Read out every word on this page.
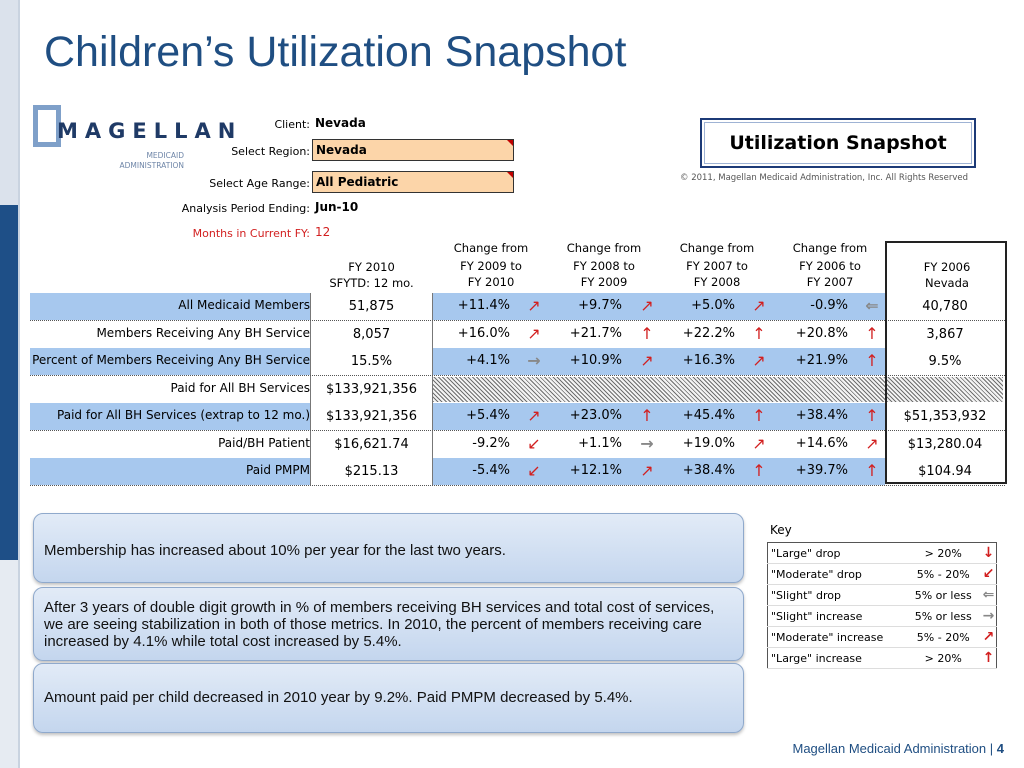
Children’s Utilization Snapshot
MAGELLAN
MEDICAID
ADMINISTRATION
Client: Nevada
Select Region: Nevada
Select Age Range: All Pediatric
Analysis Period Ending: Jun-10
Months in Current FY: 12
Utilization Snapshot
© 2011, Magellan Medicaid Administration, Inc. All Rights Reserved
FY 2010
SFYTD: 12 mo.
Change from
FY 2009 to
FY 2010
Change from
FY 2008 to
FY 2009
Change from
FY 2007 to
FY 2008
Change from
FY 2006 to
FY 2007
FY 2006
Nevada
All Medicaid Members	51,875	+11.4% ↗	+9.7% ↗	+5.0% ↗	-0.9% ⇐	40,780
Members Receiving Any BH Service	8,057	+16.0% ↗ +21.7% ↑ +22.2% ↑ +20.8% ↑	3,867
Percent of Members Receiving Any BH Service	15.5%	+4.1% → +10.9% ↗ +16.3% ↗ +21.9% ↑	9.5%
Paid for All BH Services	$133,921,356
Paid for All BH Services (extrap to 12 mo.)	$133,921,356	+5.4% ↗ +23.0% ↑ +45.4% ↑ +38.4% ↑	$51,353,932
Paid/BH Patient	$16,621.74	-9.2% ↙	+1.1% → +19.0% ↗ +14.6% ↗	$13,280.04
Paid PMPM	$215.13	-5.4% ↙ +12.1% ↗ +38.4% ↑ +39.7% ↑	$104.94
Membership has increased about 10% per year for the last two years.
After 3 years of double digit growth in % of members receiving BH services and total cost of services, we are seeing stabilization in both of those metrics. In 2010, the percent of members receiving care increased by 4.1% while total cost increased by 5.4%.
Amount paid per child decreased in 2010 year by 9.2%. Paid PMPM decreased by 5.4%.
Key
"Large" drop	> 20%	↓
"Moderate" drop	5% - 20%	↙
"Slight" drop	5% or less	⇐
"Slight" increase	5% or less	→
"Moderate" increase	5% - 20%	↗
"Large" increase	> 20%	↑
Magellan Medicaid Administration | 4
